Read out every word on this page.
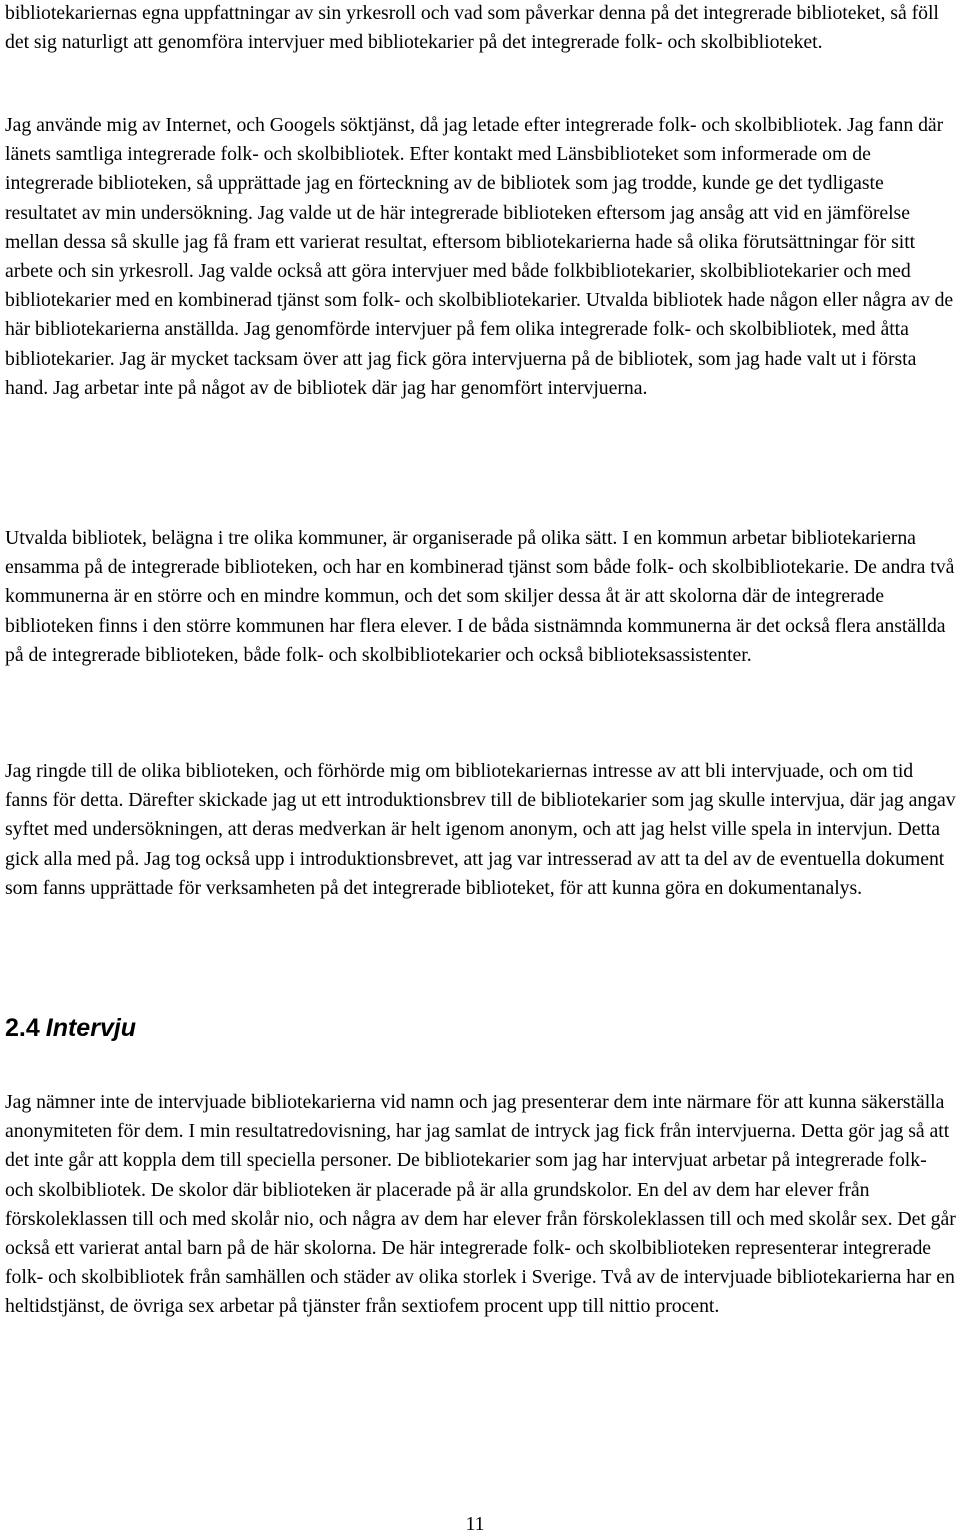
bibliotekariernas egna uppfattningar av sin yrkesroll och vad som påverkar denna på det integrerade biblioteket, så föll det sig naturligt att genomföra intervjuer med bibliotekarier på det integrerade folk- och skolbiblioteket.

Jag använde mig av Internet, och Googels söktjänst, då jag letade efter integrerade folk- och skolbibliotek. Jag fann där länets samtliga integrerade folk- och skolbibliotek. Efter kontakt med Länsbiblioteket som informerade om de integrerade biblioteken, så upprättade jag en förteckning av de bibliotek som jag trodde, kunde ge det tydligaste resultatet av min undersökning. Jag valde ut de här integrerade biblioteken eftersom jag ansåg att vid en jämförelse mellan dessa så skulle jag få fram ett varierat resultat, eftersom bibliotekarierna hade så olika förutsättningar för sitt arbete och sin yrkesroll. Jag valde också att göra intervjuer med både folkbibliotekarier, skolbibliotekarier och med bibliotekarier med en kombinerad tjänst som folk- och skolbibliotekarier. Utvalda bibliotek hade någon eller några av de här bibliotekarierna anställda. Jag genomförde intervjuer på fem olika integrerade folk- och skolbibliotek, med åtta bibliotekarier. Jag är mycket tacksam över att jag fick göra intervjuerna på de bibliotek, som jag hade valt ut i första hand. Jag arbetar inte på något av de bibliotek där jag har genomfört intervjuerna.

Utvalda bibliotek, belägna i tre olika kommuner, är organiserade på olika sätt. I en kommun arbetar bibliotekarierna ensamma på de integrerade biblioteken, och har en kombinerad tjänst som både folk- och skolbibliotekarie. De andra två kommunerna är en större och en mindre kommun, och det som skiljer dessa åt är att skolorna där de integrerade biblioteken finns i den större kommunen har flera elever. I de båda sistnämnda kommunerna är det också flera anställda på de integrerade biblioteken, både folk- och skolbibliotekarier och också biblioteksassistenter.

Jag ringde till de olika biblioteken, och förhörde mig om bibliotekariernas intresse av att bli intervjuade, och om tid fanns för detta. Därefter skickade jag ut ett introduktionsbrev till de bibliotekarier som jag skulle intervjua, där jag angav syftet med undersökningen, att deras medverkan är helt igenom anonym, och att jag helst ville spela in intervjun. Detta gick alla med på. Jag tog också upp i introduktionsbrevet, att jag var intresserad av att ta del av de eventuella dokument som fanns upprättade för verksamheten på det integrerade biblioteket, för att kunna göra en dokumentanalys.

2.4 Intervju

Jag nämner inte de intervjuade bibliotekarierna vid namn och jag presenterar dem inte närmare för att kunna säkerställa anonymiteten för dem. I min resultatredovisning, har jag samlat de intryck jag fick från intervjuerna. Detta gör jag så att det inte går att koppla dem till speciella personer. De bibliotekarier som jag har intervjuat arbetar på integrerade folk- och skolbibliotek. De skolor där biblioteken är placerade på är alla grundskolor. En del av dem har elever från förskoleklassen till och med skolår nio, och några av dem har elever från förskoleklassen till och med skolår sex. Det går också ett varierat antal barn på de här skolorna. De här integrerade folk- och skolbiblioteken representerar integrerade folk- och skolbibliotek från samhällen och städer av olika storlek i Sverige. Två av de intervjuade bibliotekarierna har en heltidstjänst, de övriga sex arbetar på tjänster från sextiofem procent upp till nittio procent.

11
